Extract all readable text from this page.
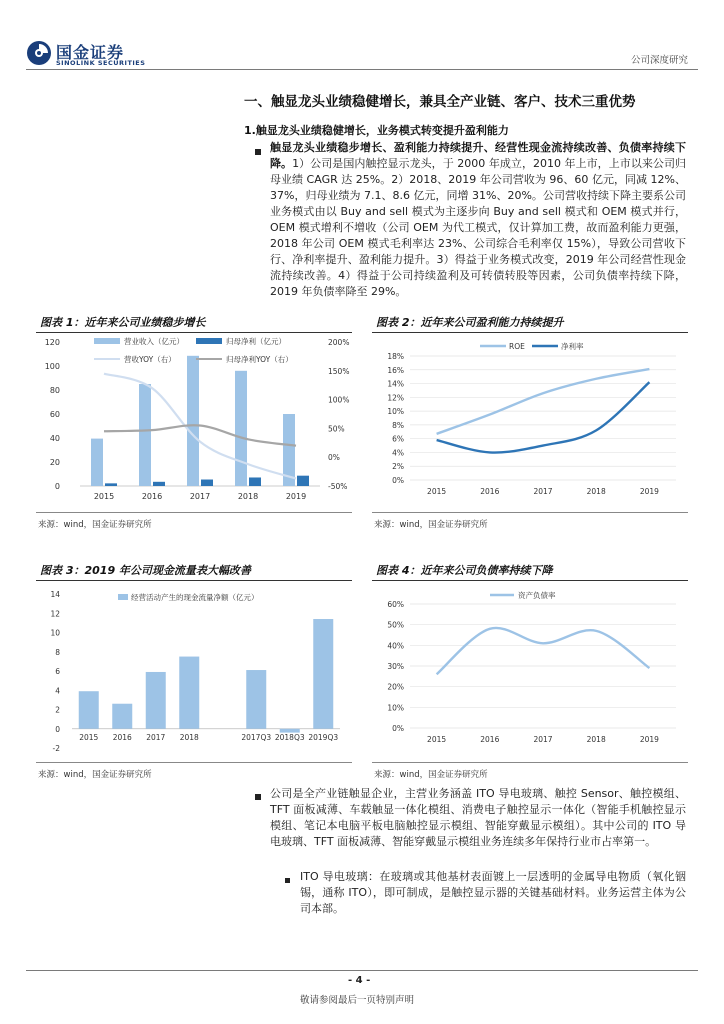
国金证券
SINOLINK SECURITIES	公司深度研究
一、触显龙头业绩稳健增长，兼具全产业链、客户、技术三重优势
1.触显龙头业绩稳健增长，业务模式转变提升盈利能力
触显龙头业绩稳步增长、盈利能力持续提升、经营性现金流持续改善、负债率持续下降。1）公司是国内触控显示龙头，于 2000 年成立，2010 年上市，上市以来公司归母业绩 CAGR 达 25%。2）2018、2019 年公司营收为 96、60 亿元，同减 12%、37%，归母业绩为 7.1、8.6 亿元，同增 31%、20%。公司营收持续下降主要系公司业务模式由以 Buy and sell 模式为主逐步向 Buy and sell 模式和 OEM 模式并行，OEM 模式增利不增收（公司 OEM 为代工模式，仅计算加工费，故而盈利能力更强，2018 年公司 OEM 模式毛利率达 23%、公司综合毛利率仅 15%），导致公司营收下行、净利率提升、盈利能力提升。3）得益于业务模式改变，2019 年公司经营性现金流持续改善。4）得益于公司持续盈利及可转债转股等因素，公司负债率持续下降，2019 年负债率降至 29%。
图表 1：近年来公司业绩稳步增长
0
20
40
60
80
100
120
-50%
0%
50%
100%
150%
200%
2015	2016	2017	2018	2019
营业收入（亿元）	归母净利（亿元）
营收YOY（右）	归母净利YOY（右）
来源：wind，国金证券研究所
图表 2：近年来公司盈利能力持续提升
0%
2%
4%
6%
8%
10%
12%
14%
16%
18%
2015	2016	2017	2018	2019
ROE	净利率
来源：wind，国金证券研究所
图表 3：2019 年公司现金流量表大幅改善
-2
0
2
4
6
8
10
12
14
2015 2016 2017 2018	2017Q3 2018Q3 2019Q3
经营活动产生的现金流量净额（亿元）
来源：wind，国金证券研究所
图表 4：近年来公司负债率持续下降
0%
10%
20%
30%
40%
50%
60%
2015	2016	2017	2018	2019
资产负债率
来源：wind，国金证券研究所
公司是全产业链触显企业，主营业务涵盖 ITO 导电玻璃、触控 Sensor、触控模组、TFT 面板减薄、车载触显一体化模组、消费电子触控显示一体化（智能手机触控显示模组、笔记本电脑平板电脑触控显示模组、智能穿戴显示模组）。其中公司的 ITO 导电玻璃、TFT 面板减薄、智能穿戴显示模组业务连续多年保持行业市占率第一。
ITO 导电玻璃：在玻璃或其他基材表面镀上一层透明的金属导电物质（氧化铟锡，通称 ITO），即可制成，是触控显示器的关键基础材料。业务运营主体为公司本部。
- 4 -
敬请参阅最后一页特别声明
